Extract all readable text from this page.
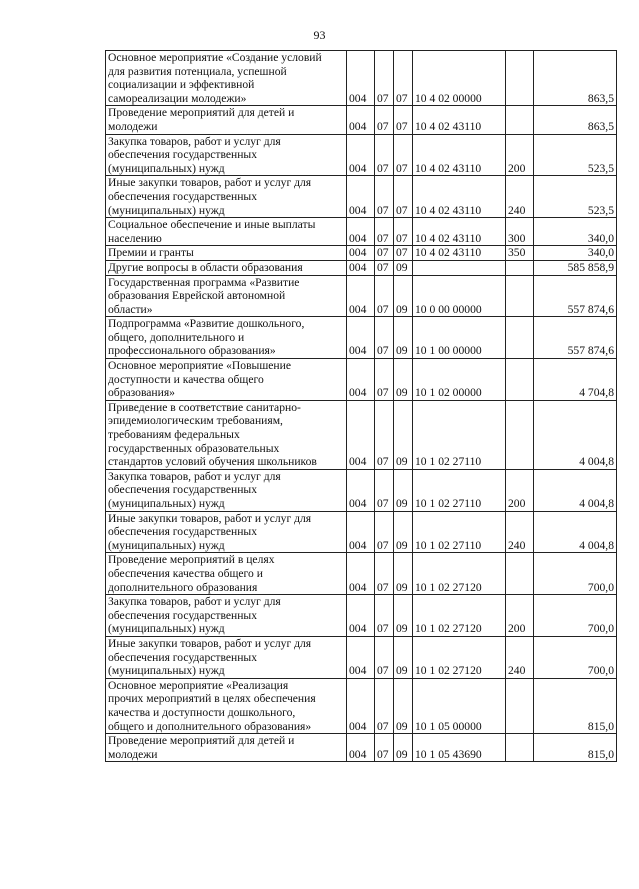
93
Основное мероприятие «Создание условий
для развития потенциала, успешной
социализации и эффективной
самореализации молодежи»	004	07	07	10 4 02 00000		863,5

Проведение мероприятий для детей и
молодежи	004	07	07	10 4 02 43110		863,5

Закупка товаров, работ и услуг для
обеспечения государственных
(муниципальных) нужд	004	07	07	10 4 02 43110	200	523,5

Иные закупки товаров, работ и услуг для
обеспечения государственных
(муниципальных) нужд	004	07	07	10 4 02 43110	240	523,5

Социальное обеспечение и иные выплаты
населению	004	07	07	10 4 02 43110	300	340,0

Премии и гранты	004	07	07	10 4 02 43110	350	340,0

Другие вопросы в области образования	004	07	09			585 858,9

Государственная программа «Развитие
образования Еврейской автономной
области»	004	07	09	10 0 00 00000		557 874,6

Подпрограмма «Развитие дошкольного,
общего, дополнительного и
профессионального образования»	004	07	09	10 1 00 00000		557 874,6

Основное мероприятие «Повышение
доступности и качества общего
образования»	004	07	09	10 1 02 00000		4 704,8

Приведение в соответствие санитарно-
эпидемиологическим требованиям,
требованиям федеральных
государственных образовательных
стандартов условий обучения школьников	004	07	09	10 1 02 27110		4 004,8

Закупка товаров, работ и услуг для
обеспечения государственных
(муниципальных) нужд	004	07	09	10 1 02 27110	200	4 004,8

Иные закупки товаров, работ и услуг для
обеспечения государственных
(муниципальных) нужд	004	07	09	10 1 02 27110	240	4 004,8

Проведение мероприятий в целях
обеспечения качества общего и
дополнительного образования	004	07	09	10 1 02 27120		700,0

Закупка товаров, работ и услуг для
обеспечения государственных
(муниципальных) нужд	004	07	09	10 1 02 27120	200	700,0

Иные закупки товаров, работ и услуг для
обеспечения государственных
(муниципальных) нужд	004	07	09	10 1 02 27120	240	700,0

Основное мероприятие «Реализация
прочих мероприятий в целях обеспечения
качества и доступности дошкольного,
общего и дополнительного образования»	004	07	09	10 1 05 00000		815,0

Проведение мероприятий для детей и
молодежи	004	07	09	10 1 05 43690		815,0
